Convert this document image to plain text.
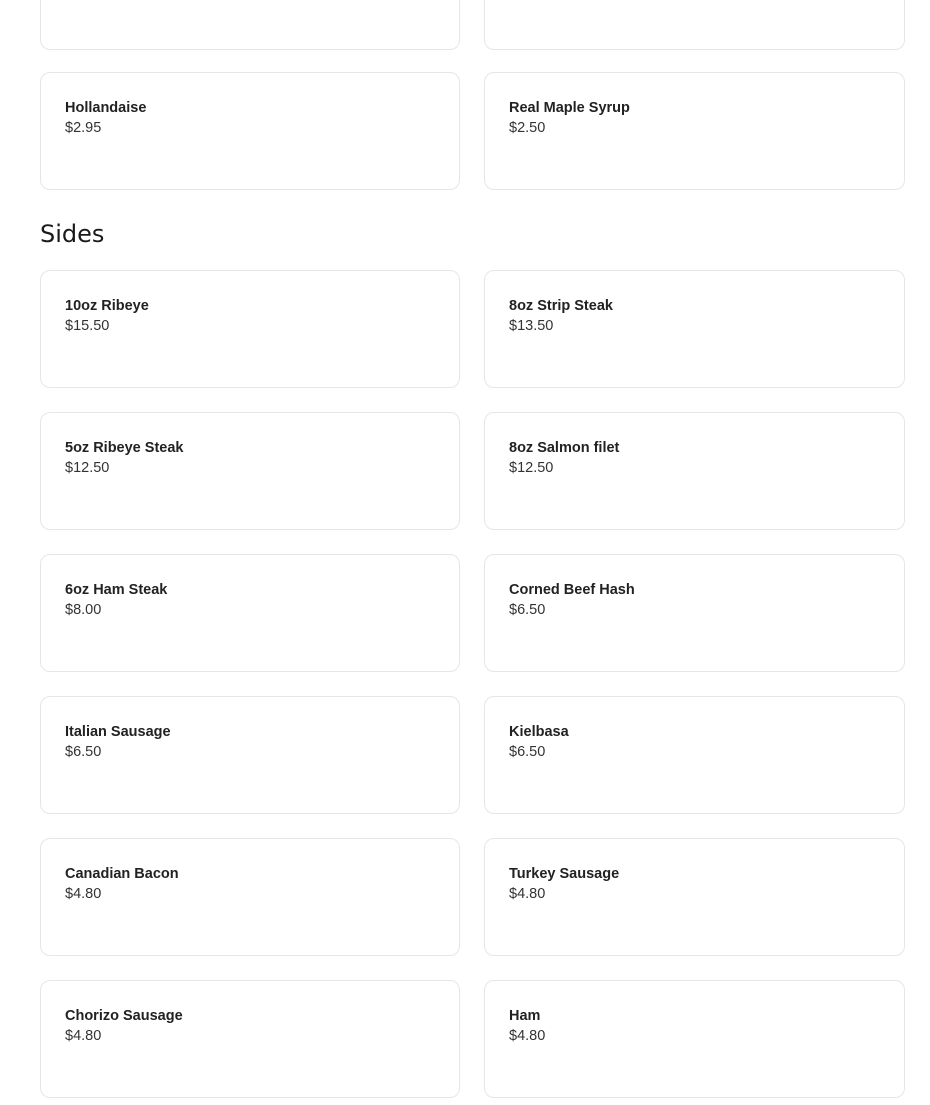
Hollandaise
$2.95
Real Maple Syrup
$2.50
Sides
10oz Ribeye
$15.50
8oz Strip Steak
$13.50
5oz Ribeye Steak
$12.50
8oz Salmon filet
$12.50
6oz Ham Steak
$8.00
Corned Beef Hash
$6.50
Italian Sausage
$6.50
Kielbasa
$6.50
Canadian Bacon
$4.80
Turkey Sausage
$4.80
Chorizo Sausage
$4.80
Ham
$4.80
